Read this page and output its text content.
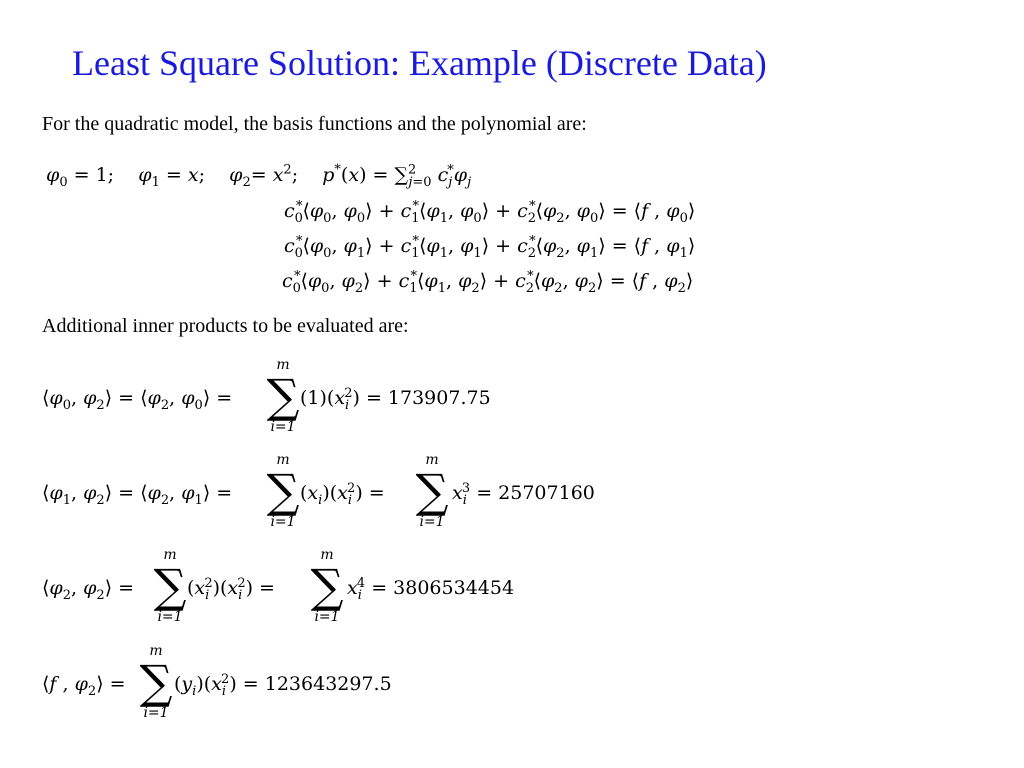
Least Square Solution: Example (Discrete Data)
For the quadratic model, the basis functions and the polynomial are:
$\varphi_0 = 1$;    $\varphi_1 = x$;    $\varphi_2= x^2$;    p*(x) = ∑$^2_{j=0}$ $c_j^*\varphi_j$
$c_0^*⟨\varphi_0$, $\varphi_0⟩$ + $c_1^*⟨\varphi_1$, $\varphi_0⟩$ + $c_2^*⟨\varphi_2$, $\varphi_0⟩$ = ⟨f , $\varphi_0⟩$
$c_0^*⟨\varphi_0$, $\varphi_1⟩$ + $c_1^*⟨\varphi_1$, $\varphi_1⟩$ + $c_2^*⟨\varphi_2$, $\varphi_1⟩$ = ⟨f , $\varphi_1⟩$
$c_0^*⟨\varphi_0$, $\varphi_2⟩$ + $c_1^*⟨\varphi_1$, $\varphi_2⟩$ + $c_2^*⟨\varphi_2$, $\varphi_2⟩$ = ⟨f , $\varphi_2⟩$
Additional inner products to be evaluated are:
$⟨\varphi_0$, $\varphi_2⟩$ = $⟨\varphi_2$, $\varphi_0⟩$ =
m
∑
i=1
$(1)(x_i^2) = 173907.75$
$⟨\varphi_1$, $\varphi_2⟩$ = $⟨\varphi_2$, $\varphi_1⟩$ =
m
∑
i=1
$(x_i)(x_i^2)$ =
m
∑
i=1
$x_i^3 = 25707160$
$⟨\varphi_2$, $\varphi_2⟩$ =
m
∑
i=1
$(x_i^2)(x_i^2)$ =
m
∑
i=1
$x_i^4 = 3806534454$
⟨f , $\varphi_2⟩$ =
m
∑
i=1
$(y_i)(x_i^2) = 123643297.5$
